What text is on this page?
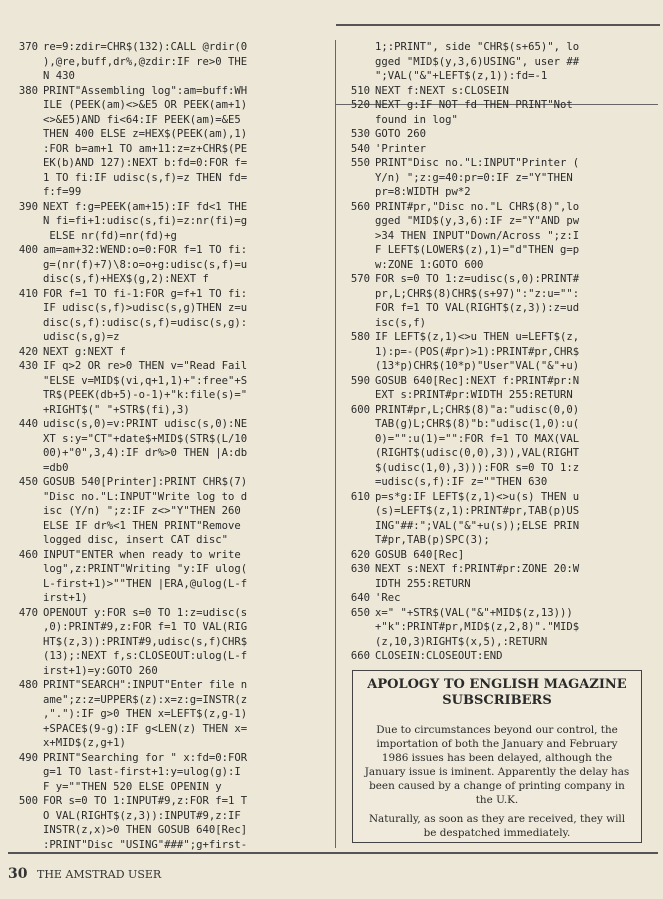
370 re=9:zdir=CHR$(132):CALL @rdir(0
),@re,buff,dr%,@zdir:IF re>0 THE
N 430
380 PRINT"Assembling log":am=buff:WH
ILE (PEEK(am)<>&E5 OR PEEK(am+1)
<>&E5)AND fi<64:IF PEEK(am)=&E5
THEN 400 ELSE z=HEX$(PEEK(am),1)
:FOR b=am+1 TO am+11:z=z+CHR$(PE
EK(b)AND 127):NEXT b:fd=0:FOR f=
1 TO fi:IF udisc(s,f)=z THEN fd=
f:f=99
390 NEXT f:g=PEEK(am+15):IF fd<1 THE
N fi=fi+1:udisc(s,fi)=z:nr(fi)=g
ELSE nr(fd)=nr(fd)+g
400 am=am+32:WEND:o=0:FOR f=1 TO fi:
g=(nr(f)+7)\8:o=o+g:udisc(s,f)=u
disc(s,f)+HEX$(g,2):NEXT f
410 FOR f=1 TO fi-1:FOR g=f+1 TO fi:
IF udisc(s,f)>udisc(s,g)THEN z=u
disc(s,f):udisc(s,f)=udisc(s,g):
udisc(s,g)=z
420 NEXT g:NEXT f
430 IF q>2 OR re>0 THEN v="Read Fail
"ELSE v=MID$(vi,q+1,1)+":free"+S
TR$(PEEK(db+5)-o-1)+"k:file(s)="
+RIGHT$(" "+STR$(fi),3)
440 udisc(s,0)=v:PRINT udisc(s,0):NE
XT s:y="CT"+date$+MID$(STR$(L/10
00)+"0",3,4):IF dr%>0 THEN |A:db
=db0
450 GOSUB 540[Printer]:PRINT CHR$(7)
"Disc no."L:INPUT"Write log to d
isc (Y/n) ";z:IF z<>"Y"THEN 260
ELSE IF dr%<1 THEN PRINT"Remove
logged disc, insert CAT disc"
460 INPUT"ENTER when ready to write
log",z:PRINT"Writing "y:IF ulog(
L-first+1)>""THEN |ERA,@ulog(L-f
irst+1)
470 OPENOUT y:FOR s=0 TO 1:z=udisc(s
,0):PRINT#9,z:FOR f=1 TO VAL(RIG
HT$(z,3)):PRINT#9,udisc(s,f)CHR$
(13);:NEXT f,s:CLOSEOUT:ulog(L-f
irst+1)=y:GOTO 260
480 PRINT"SEARCH":INPUT"Enter file n
ame";z:z=UPPER$(z):x=z:g=INSTR(z
,"."):IF g>0 THEN x=LEFT$(z,g-1)
+SPACE$(9-g):IF g<LEN(z) THEN x=
x+MID$(z,g+1)
490 PRINT"Searching for " x:fd=0:FOR
g=1 TO last-first+1:y=ulog(g):I
F y=""THEN 520 ELSE OPENIN y
500 FOR s=0 TO 1:INPUT#9,z:FOR f=1 T
O VAL(RIGHT$(z,3)):INPUT#9,z:IF
INSTR(z,x)>0 THEN GOSUB 640[Rec]
:PRINT"Disc "USING"###";g+first-
1;:PRINT", side "CHR$(s+65)", lo
gged "MID$(y,3,6)USING", user ##
";VAL("&"+LEFT$(z,1)):fd=-1
510 NEXT f:NEXT s:CLOSEIN
520 NEXT g:IF NOT fd THEN PRINT"Not
found in log"
530 GOTO 260
540 'Printer
550 PRINT"Disc no."L:INPUT"Printer (
Y/n) ";z:g=40:pr=0:IF z="Y"THEN
pr=8:WIDTH pw*2
560 PRINT#pr,"Disc no."L CHR$(8)",lo
gged "MID$(y,3,6):IF z="Y"AND pw
>34 THEN INPUT"Down/Across ";z:I
F LEFT$(LOWER$(z),1)="d"THEN g=p
w:ZONE 1:GOTO 600
570 FOR s=0 TO 1:z=udisc(s,0):PRINT#
pr,L;CHR$(8)CHR$(s+97)":"z:u="":
FOR f=1 TO VAL(RIGHT$(z,3)):z=ud
isc(s,f)
580 IF LEFT$(z,1)<>u THEN u=LEFT$(z,
1):p=-(POS(#pr)>1):PRINT#pr,CHR$
(13*p)CHR$(10*p)"User"VAL("&"+u)
590 GOSUB 640[Rec]:NEXT f:PRINT#pr:N
EXT s:PRINT#pr:WIDTH 255:RETURN
600 PRINT#pr,L;CHR$(8)"a:"udisc(0,0)
TAB(g)L;CHR$(8)"b:"udisc(1,0):u(
0)="":u(1)="":FOR f=1 TO MAX(VAL
(RIGHT$(udisc(0,0),3)),VAL(RIGHT
$(udisc(1,0),3))):FOR s=0 TO 1:z
=udisc(s,f):IF z=""THEN 630
610 p=s*g:IF LEFT$(z,1)<>u(s) THEN u
(s)=LEFT$(z,1):PRINT#pr,TAB(p)US
ING"##:";VAL("&"+u(s));ELSE PRIN
T#pr,TAB(p)SPC(3);
620 GOSUB 640[Rec]
630 NEXT s:NEXT f:PRINT#pr:ZONE 20:W
IDTH 255:RETURN
640 'Rec
650 x=" "+STR$(VAL("&"+MID$(z,13)))
+"k":PRINT#pr,MID$(z,2,8)"."MID$
(z,10,3)RIGHT$(x,5),:RETURN
660 CLOSEIN:CLOSEOUT:END
APOLOGY TO ENGLISH MAGAZINE SUBSCRIBERS

Due to circumstances beyond our control, the importation of both the January and February 1986 issues has been delayed, although the January issue is iminent. Apparently the delay has been caused by a change of printing company in the U.K.

Naturally, as soon as they are received, they will be despatched immediately.

30 THE AMSTRAD USER
